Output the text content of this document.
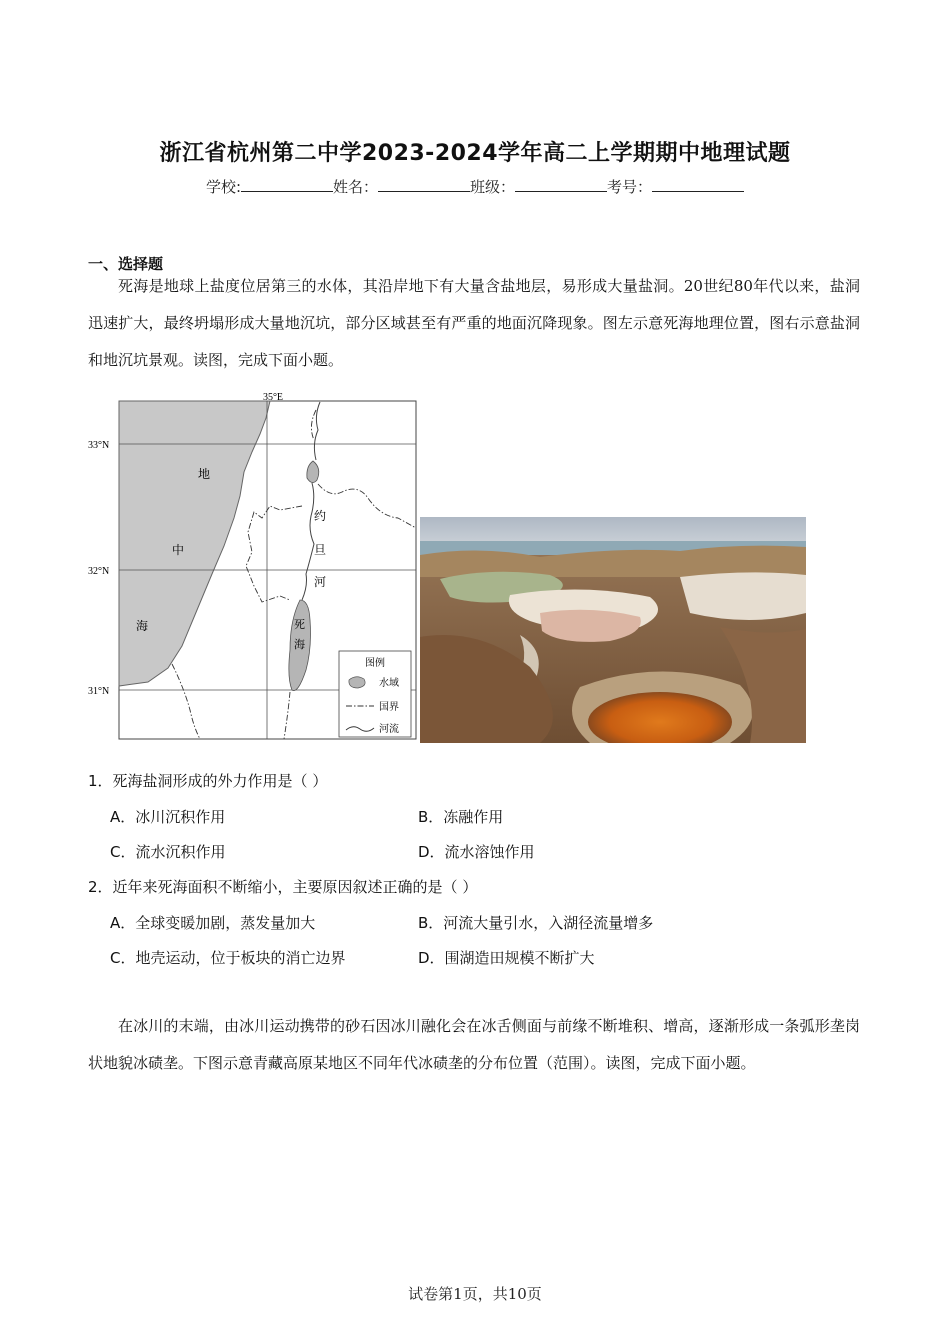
浙江省杭州第二中学2023-2024学年高二上学期期中地理试题
学校:	姓名：	班级：	考号：
一、选择题

死海是地球上盐度位居第三的水体，其沿岸地下有大量含盐地层，易形成大量盐洞。20世纪80年代以来，盐洞迅速扩大，最终坍塌形成大量地沉坑，部分区域甚至有严重的地面沉降现象。图左示意死海地理位置，图右示意盐洞和地沉坑景观。读图，完成下面小题。

35°E
33°N
32°N
31°N
地
中
海
约
旦
河
死
海
图例
水域
国界
河流
1．死海盐洞形成的外力作用是（ ）
A．冰川沉积作用	B．冻融作用
C．流水沉积作用	D．流水溶蚀作用
2．近年来死海面积不断缩小，主要原因叙述正确的是（ ）
A．全球变暖加剧，蒸发量加大	B．河流大量引水，入湖径流量增多
C．地壳运动，位于板块的消亡边界	D．围湖造田规模不断扩大

在冰川的末端，由冰川运动携带的砂石因冰川融化会在冰舌侧面与前缘不断堆积、增高，逐渐形成一条弧形垄岗状地貌冰碛垄。下图示意青藏高原某地区不同年代冰碛垄的分布位置（范围）。读图，完成下面小题。

试卷第1页，共10页
